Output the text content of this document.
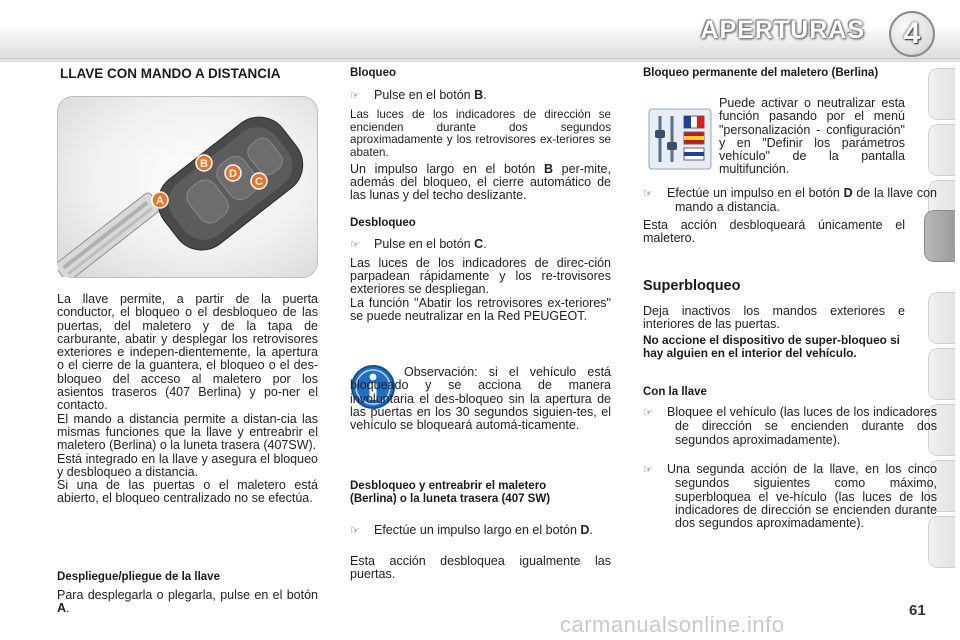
APERTURAS	4
LLAVE CON MANDO A DISTANCIA
B
D
C
A
La llave permite, a partir de la puerta conductor, el bloqueo o el desbloqueo de las puertas, del maletero y de la tapa de carburante, abatir y desplegar los retrovisores exteriores e indepen-dientemente, la apertura o el cierre de la guantera, el bloqueo o el des-bloqueo del acceso al maletero por los asientos traseros (407 Berlina) y po-ner el contacto.
El mando a distancia permite a distan-cia las mismas funciones que la llave y entreabrir el maletero (Berlina) o la luneta trasera (407SW).
Está integrado en la llave y asegura el bloqueo y desbloqueo a distancia.
Si una de las puertas o el maletero está abierto, el bloqueo centralizado no se efectúa.
Despliegue/pliegue de la llave
Para desplegarla o plegarla, pulse en el botón A.
Bloqueo
☞ Pulse en el botón B.
Las luces de los indicadores de dirección se encienden durante dos segundos aproximadamente y los retrovisores ex-teriores se abaten.
Un impulso largo en el botón B per-mite, además del bloqueo, el cierre automático de las lunas y del techo deslizante.
Desbloqueo
☞ Pulse en el botón C.
Las luces de los indicadores de direc-ción parpadean rápidamente y los re-trovisores exteriores se despliegan.
La función "Abatir los retrovisores ex-teriores" se puede neutralizar en la Red PEUGEOT.
Observación: si el vehículo está bloqueado y se acciona de manera involuntaria el des-bloqueo sin la apertura de las puertas en los 30 segundos siguien-tes, el vehículo se bloqueará automá-ticamente.
Desbloqueo y entreabrir el maletero (Berlina) o la luneta trasera (407 SW)
☞ Efectúe un impulso largo en el botón D.
Esta acción desbloquea igualmente las puertas.
Bloqueo permanente del maletero (Berlina)
Puede activar o neutralizar esta función pasando por el menú "personalización - configuración" y en "Definir los parámetros vehículo" de la pantalla multifunción.
☞ Efectúe un impulso en el botón D de la llave con mando a distancia.
Esta acción desbloqueará únicamente el maletero.
Superbloqueo
Deja inactivos los mandos exteriores e interiores de las puertas.
No accione el dispositivo de super-bloqueo si hay alguien en el interior del vehículo.
Con la llave
☞ Bloquee el vehículo (las luces de los indicadores de dirección se encienden durante dos segundos aproximadamente).
☞ Una segunda acción de la llave, en los cinco segundos siguientes como máximo, superbloquea el ve-hículo (las luces de los indicadores de dirección se encienden durante dos segundos aproximadamente).
carmanualsonline.info
61
